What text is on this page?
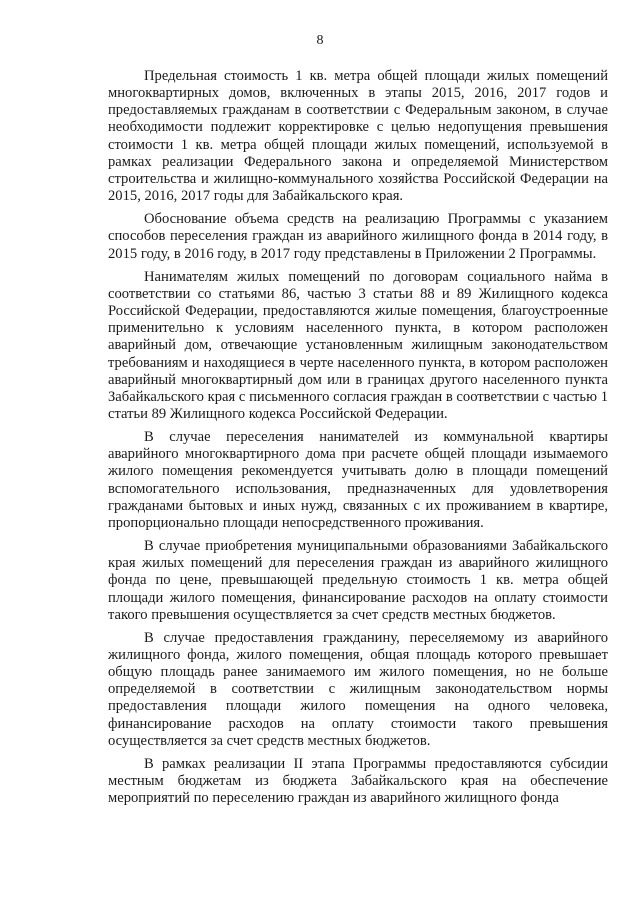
8

Предельная стоимость 1 кв. метра общей площади жилых помещений многоквартирных домов, включенных в этапы 2015, 2016, 2017 годов и предоставляемых гражданам в соответствии с Федеральным законом, в случае необходимости подлежит корректировке с целью недопущения превышения стоимости 1 кв. метра общей площади жилых помещений, используемой в рамках реализации Федерального закона и определяемой Министерством строительства и жилищно-коммунального хозяйства Российской Федерации на 2015, 2016, 2017 годы для Забайкальского края.

Обоснование объема средств на реализацию Программы с указанием способов переселения граждан из аварийного жилищного фонда в 2014 году, в 2015 году, в 2016 году, в 2017 году представлены в Приложении 2 Программы.

Нанимателям жилых помещений по договорам социального найма в соответствии со статьями 86, частью 3 статьи 88 и 89 Жилищного кодекса Российской Федерации, предоставляются жилые помещения, благоустроенные применительно к условиям населенного пункта, в котором расположен аварийный дом, отвечающие установленным жилищным законодательством требованиям и находящиеся в черте населенного пункта, в котором расположен аварийный многоквартирный дом или в границах другого населенного пункта Забайкальского края с письменного согласия граждан в соответствии с частью 1 статьи 89 Жилищного кодекса Российской Федерации.

В случае переселения нанимателей из коммунальной квартиры аварийного многоквартирного дома при расчете общей площади изымаемого жилого помещения рекомендуется учитывать долю в площади помещений вспомогательного использования, предназначенных для удовлетворения гражданами бытовых и иных нужд, связанных с их проживанием в квартире, пропорционально площади непосредственного проживания.

В случае приобретения муниципальными образованиями Забайкальского края жилых помещений для переселения граждан из аварийного жилищного фонда по цене, превышающей предельную стоимость 1 кв. метра общей площади жилого помещения, финансирование расходов на оплату стоимости такого превышения осуществляется за счет средств местных бюджетов.

В случае предоставления гражданину, переселяемому из аварийного жилищного фонда, жилого помещения, общая площадь которого превышает общую площадь ранее занимаемого им жилого помещения, но не больше определяемой в соответствии с жилищным законодательством нормы предоставления площади жилого помещения на одного человека, финансирование расходов на оплату стоимости такого превышения осуществляется за счет средств местных бюджетов.

В рамках реализации II этапа Программы предоставляются субсидии местным бюджетам из бюджета Забайкальского края на обеспечение мероприятий по переселению граждан из аварийного жилищного фонда
